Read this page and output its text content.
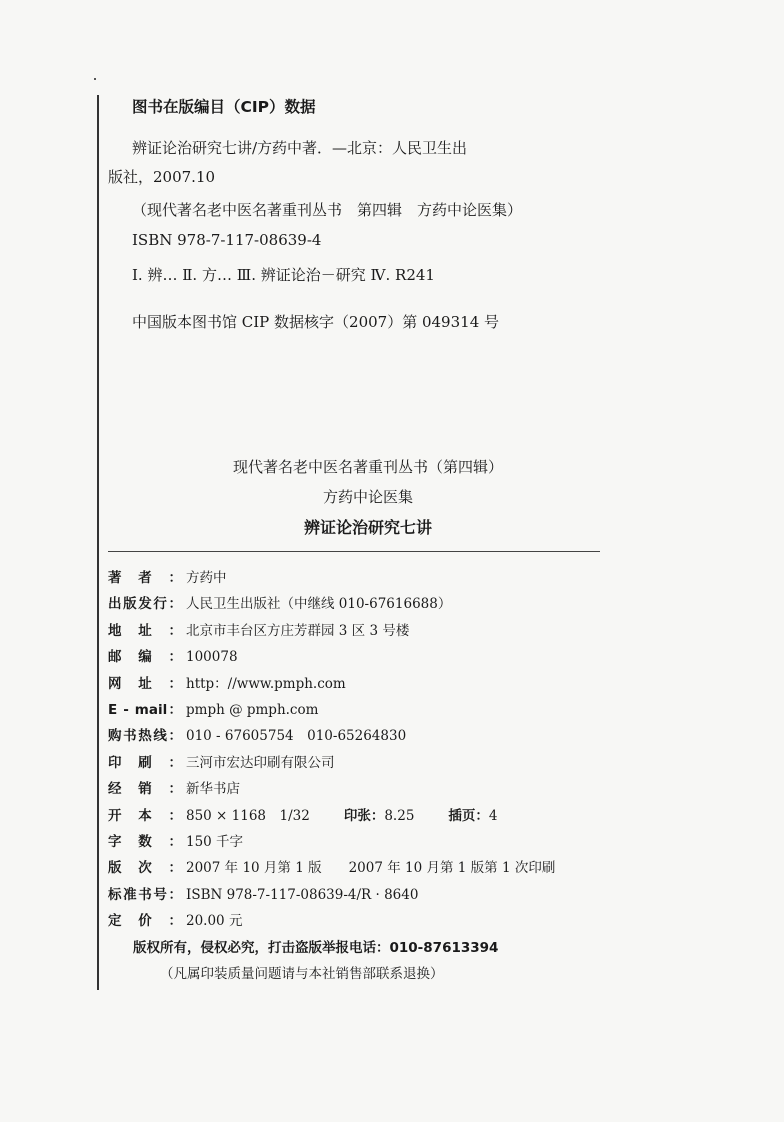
图书在版编目（CIP）数据
辨证论治研究七讲/方药中著．—北京：人民卫生出
版社，2007.10
（现代著名老中医名著重刊丛书　第四辑　方药中论医集）
ISBN 978-7-117-08639-4
Ⅰ. 辨… Ⅱ. 方… Ⅲ. 辨证论治－研究 Ⅳ. R241
中国版本图书馆 CIP 数据核字（2007）第 049314 号
现代著名老中医名著重刊丛书（第四辑）
方药中论医集
辨证论治研究七讲
著者： 方药中
出版发行： 人民卫生出版社（中继线 010-67616688）
地址： 北京市丰台区方庄芳群园 3 区 3 号楼
邮编： 100078
网址： http：//www.pmph.com
E - mail： pmph @ pmph.com
购书热线： 010 - 67605754　010-65264830
印刷： 三河市宏达印刷有限公司
经销： 新华书店
开本： 850 × 1168　1/32	印张：8.25	插页：4
字数： 150 千字
版次： 2007 年 10 月第 1 版　　2007 年 10 月第 1 版第 1 次印刷
标准书号： ISBN 978-7-117-08639-4/R · 8640
定价： 20.00 元
版权所有，侵权必究，打击盗版举报电话：010-87613394
（凡属印装质量问题请与本社销售部联系退换）
